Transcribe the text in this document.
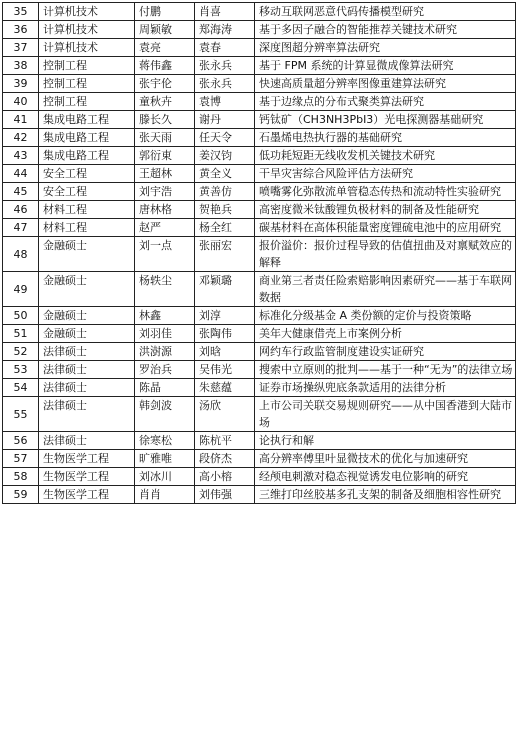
35	计算机技术	付鹏	肖喜	移动互联网恶意代码传播模型研究
36	计算机技术	周颖敏	郑海涛	基于多因子融合的智能推荐关键技术研究
37	计算机技术	袁亮	袁春	深度图超分辨率算法研究
38	控制工程	蒋伟鑫	张永兵	基于 FPM 系统的计算显微成像算法研究
39	控制工程	张宇伦	张永兵	快速高质量超分辨率图像重建算法研究
40	控制工程	童秋卉	袁博	基于边缘点的分布式聚类算法研究
41	集成电路工程	滕长久	谢丹	钙钛矿（CH3NH3PbI3）光电探测器基础研究
42	集成电路工程	张天雨	任天令	石墨烯电热执行器的基础研究
43	集成电路工程	郭衍東	姜汉钧	低功耗短距无线收发机关键技术研究
44	安全工程	王超林	黄全义	干旱灾害综合风险评估方法研究
45	安全工程	刘宇浩	黄善仿	喷嘴雾化弥散流单管稳态传热和流动特性实验研究
46	材料工程	唐林格	贺艳兵	高密度微米钛酸锂负极材料的制备及性能研究
47	材料工程	赵严	杨全红	碳基材料在高体积能量密度锂硫电池中的应用研究
48	金融硕士	刘一点	张丽宏	报价溢价：报价过程导致的估值扭曲及对禀赋效应的解释
49	金融硕士	杨轶尘	邓颖璐	商业第三者责任险索赔影响因素研究——基于车联网数据
50	金融硕士	林鑫	刘淳	标准化分级基金 A 类份额的定价与投资策略
51	金融硕士	刘羽佳	张陶伟	美年大健康借壳上市案例分析
52	法律硕士	洪澍源	刘晗	网约车行政监管制度建设实证研究
53	法律硕士	罗治兵	吴伟光	搜索中立原则的批判——基于一种“无为”的法律立场
54	法律硕士	陈晶	朱慈蕴	证券市场操纵兜底条款适用的法律分析
55	法律硕士	韩剑波	汤欣	上市公司关联交易规则研究——从中国香港到大陆市场
56	法律硕士	徐寒松	陈杭平	论执行和解
57	生物医学工程	旷雅唯	段侪杰	高分辨率傅里叶显微技术的优化与加速研究
58	生物医学工程	刘冰川	高小榕	经颅电刺激对稳态视觉诱发电位影响的研究
59	生物医学工程	肖肖	刘伟强	三维打印丝胶基多孔支架的制备及细胞相容性研究
